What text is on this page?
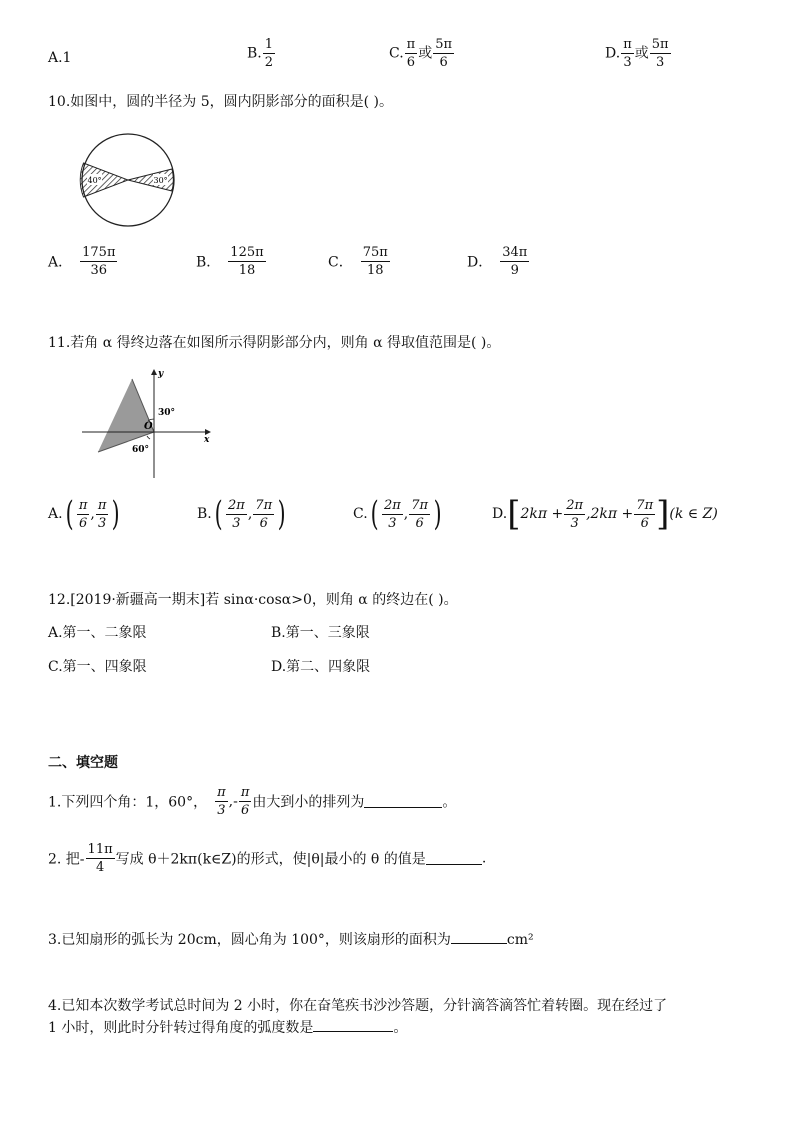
A.1	B. $\frac{1}{2}$	C. $\frac{\pi}{6}$ 或 $\frac{5\pi}{6}$	D. $\frac{\pi}{3}$ 或 $\frac{5\pi}{3}$
10.如图中，圆的半径为 5，圆内阴影部分的面积是( )。
40°	30°
A． $\frac{175\pi}{36}$	B． $\frac{125\pi}{18}$	C． $\frac{75\pi}{18}$	D． $\frac{34\pi}{9}$
11.若角 α 得终边落在如图所示得阴影部分内，则角 α 得取值范围是( )。
y
x
O
30°
60°
$A.( \frac{\pi}{6}$ , $\frac{\pi}{3}$ )	$B.( \frac{2\pi}{3}$ , $\frac{7\pi}{6}$ )	$C.( \frac{2\pi}{3}$ , $\frac{7\pi}{6}$ )	$D.[2k\pi + \frac{2\pi}{3} ,2k\pi + \frac{7\pi}{6} ](k$ ∈ Z)
12.[2019·新疆高一期末]若 sinα·cosα>0，则角 α 的终边在( )。
A.第一、二象限	B.第一、三象限
C.第一、四象限	D.第二、四象限
二、填空题
1.下列四个角：1，60°， $\frac{\pi}{3}$ ,- $\frac{\pi}{6}$ 由大到小的排列为	。
2. 把- $\frac{11\pi}{4}$ 写成 θ＋2kπ(k∈Z)的形式，使|θ|最小的 θ 的值是	.
3.已知扇形的弧长为 20cm，圆心角为 100°，则该扇形的面积为	cm²
4.已知本次数学考试总时间为 2 小时，你在奋笔疾书沙沙答题，分针滴答滴答忙着转圈。现在经过了
1 小时，则此时分针转过得角度的弧度数是	。
